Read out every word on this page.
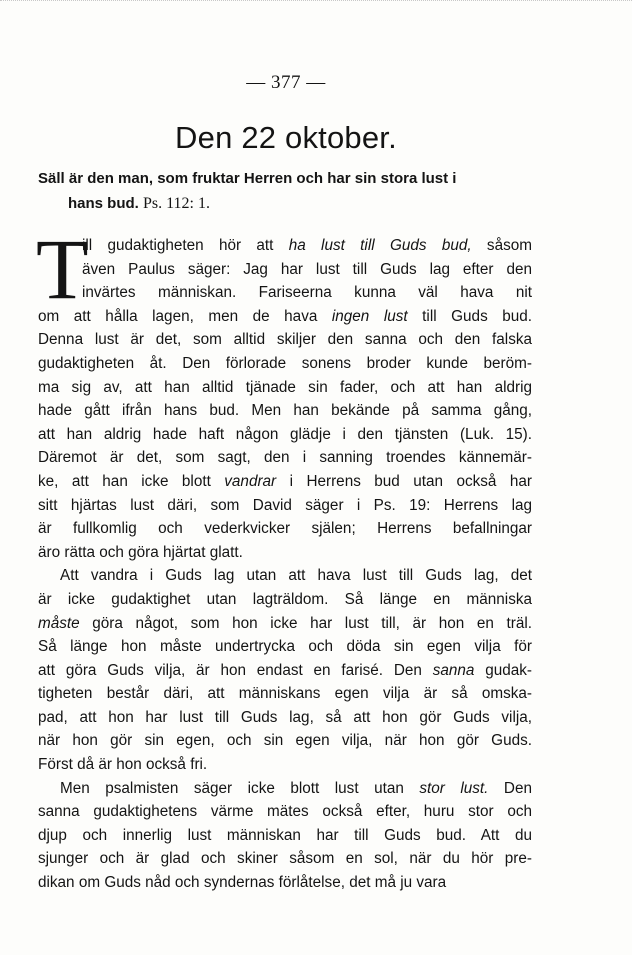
— 377 —
Den 22 oktober.
Säll är den man, som fruktar Herren och har sin stora lust i
hans bud. Ps. 112: 1.
T
ill gudaktigheten hör att ha lust till Guds bud, såsom
även Paulus säger: Jag har lust till Guds lag efter den
invärtes människan. Fariseerna kunna väl hava nit
om att hålla lagen, men de hava ingen lust till Guds bud.
Denna lust är det, som alltid skiljer den sanna och den falska
gudaktigheten åt. Den förlorade sonens broder kunde beröm-
ma sig av, att han alltid tjänade sin fader, och att han aldrig
hade gått ifrån hans bud. Men han bekände på samma gång,
att han aldrig hade haft någon glädje i den tjänsten (Luk. 15).
Däremot är det, som sagt, den i sanning troendes kännemär-
ke, att han icke blott vandrar i Herrens bud utan också har
sitt hjärtas lust däri, som David säger i Ps. 19: Herrens lag
är fullkomlig och vederkvicker själen; Herrens befallningar
äro rätta och göra hjärtat glatt.
Att vandra i Guds lag utan att hava lust till Guds lag, det
är icke gudaktighet utan lagträldom. Så länge en människa
måste göra något, som hon icke har lust till, är hon en träl.
Så länge hon måste undertrycka och döda sin egen vilja för
att göra Guds vilja, är hon endast en farisé. Den sanna gudak-
tigheten består däri, att människans egen vilja är så omska-
pad, att hon har lust till Guds lag, så att hon gör Guds vilja,
när hon gör sin egen, och sin egen vilja, när hon gör Guds.
Först då är hon också fri.
Men psalmisten säger icke blott lust utan stor lust. Den
sanna gudaktighetens värme mätes också efter, huru stor och
djup och innerlig lust människan har till Guds bud. Att du
sjunger och är glad och skiner såsom en sol, när du hör pre-
dikan om Guds nåd och syndernas förlåtelse, det må ju vara
